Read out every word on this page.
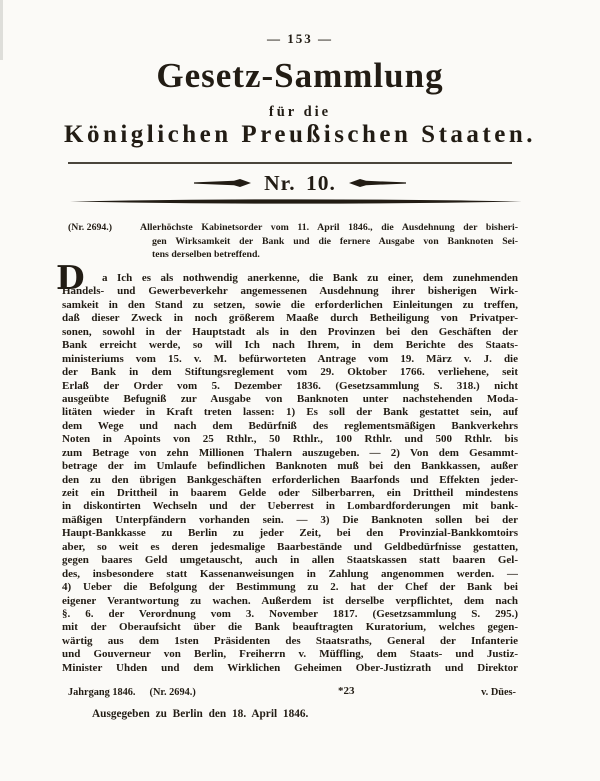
— 153 —
Gesetz-Sammlung
für die
Königlichen Preußischen Staaten.
Nr. 10.
(Nr. 2694.)	Allerhöchste Kabinetsorder vom 11. April 1846., die Ausdehnung der bisheri-
gen Wirksamkeit der Bank und die fernere Ausgabe von Banknoten Sei-
tens derselben betreffend.
D	a Ich es als nothwendig anerkenne, die Bank zu einer, dem zunehmenden
Handels- und Gewerbeverkehr angemessenen Ausdehnung ihrer bisherigen Wirk-
samkeit in den Stand zu setzen, sowie die erforderlichen Einleitungen zu treffen,
daß dieser Zweck in noch größerem Maaße durch Betheiligung von Privatper-
sonen, sowohl in der Hauptstadt als in den Provinzen bei den Geschäften der
Bank erreicht werde, so will Ich nach Ihrem, in dem Berichte des Staats-
ministeriums vom 15. v. M. befürworteten Antrage vom 19. März v. J. die
der Bank in dem Stiftungsreglement vom 29. Oktober 1766. verliehene, seit
Erlaß der Order vom 5. Dezember 1836. (Gesetzsammlung S. 318.) nicht
ausgeübte Befugniß zur Ausgabe von Banknoten unter nachstehenden Moda-
litäten wieder in Kraft treten lassen: 1) Es soll der Bank gestattet sein, auf
dem Wege und nach dem Bedürfniß des reglementsmäßigen Bankverkehrs
Noten in Apoints von 25 Rthlr., 50 Rthlr., 100 Rthlr. und 500 Rthlr. bis
zum Betrage von zehn Millionen Thalern auszugeben. — 2) Von dem Gesammt-
betrage der im Umlaufe befindlichen Banknoten muß bei den Bankkassen, außer
den zu den übrigen Bankgeschäften erforderlichen Baarfonds und Effekten jeder-
zeit ein Drittheil in baarem Gelde oder Silberbarren, ein Drittheil mindestens
in diskontirten Wechseln und der Ueberrest in Lombardforderungen mit bank-
mäßigen Unterpfändern vorhanden sein. — 3) Die Banknoten sollen bei der
Haupt-Bankkasse zu Berlin zu jeder Zeit, bei den Provinzial-Bankkomtoirs
aber, so weit es deren jedesmalige Baarbestände und Geldbedürfnisse gestatten,
gegen baares Geld umgetauscht, auch in allen Staatskassen statt baaren Gel-
des, insbesondere statt Kassenanweisungen in Zahlung angenommen werden. —
4) Ueber die Befolgung der Bestimmung zu 2. hat der Chef der Bank bei
eigener Verantwortung zu wachen. Außerdem ist derselbe verpflichtet, dem nach
§. 6. der Verordnung vom 3. November 1817. (Gesetzsammlung S. 295.)
mit der Oberaufsicht über die Bank beauftragten Kuratorium, welches gegen-
wärtig aus dem 1sten Präsidenten des Staatsraths, General der Infanterie
und Gouverneur von Berlin, Freiherrn v. Müffling, dem Staats- und Justiz-
Minister Uhden und dem Wirklichen Geheimen Ober-Justizrath und Direktor
Jahrgang 1846. (Nr. 2694.)	*23	v. Dües-
Ausgegeben zu Berlin den 18. April 1846.
